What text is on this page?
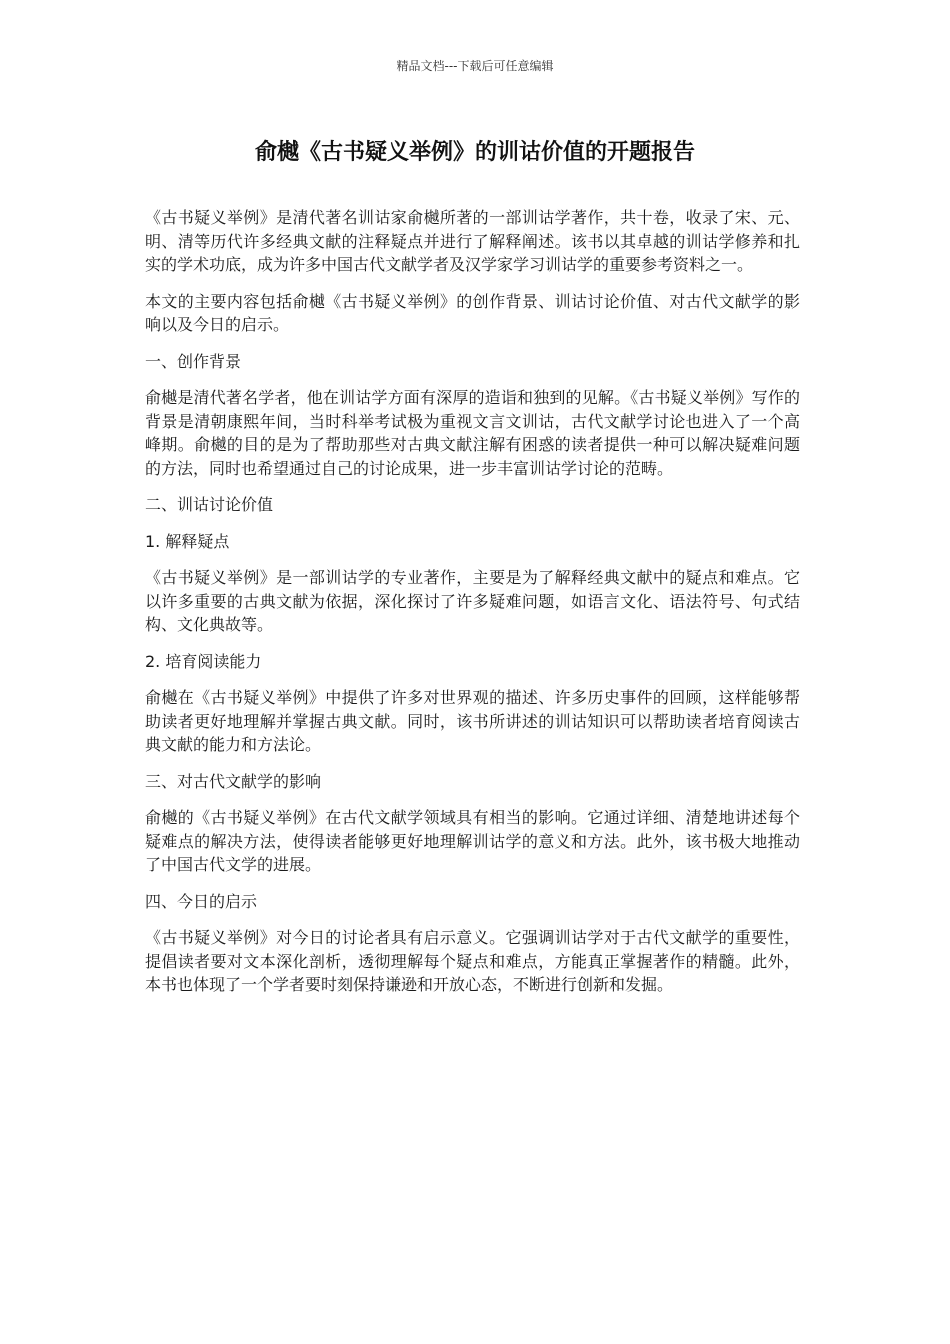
精品文档---下载后可任意编辑
俞樾《古书疑义举例》的训诂价值的开题报告

《古书疑义举例》是清代著名训诂家俞樾所著的一部训诂学著作，共十卷，收录了宋、元、明、清等历代许多经典文献的注释疑点并进行了解释阐述。该书以其卓越的训诂学修养和扎实的学术功底，成为许多中国古代文献学者及汉学家学习训诂学的重要参考资料之一。

本文的主要内容包括俞樾《古书疑义举例》的创作背景、训诂讨论价值、对古代文献学的影响以及今日的启示。

一、创作背景

俞樾是清代著名学者，他在训诂学方面有深厚的造诣和独到的见解。《古书疑义举例》写作的背景是清朝康熙年间，当时科举考试极为重视文言文训诂，古代文献学讨论也进入了一个高峰期。俞樾的目的是为了帮助那些对古典文献注解有困惑的读者提供一种可以解决疑难问题的方法，同时也希望通过自己的讨论成果，进一步丰富训诂学讨论的范畴。

二、训诂讨论价值

1. 解释疑点

《古书疑义举例》是一部训诂学的专业著作，主要是为了解释经典文献中的疑点和难点。它以许多重要的古典文献为依据，深化探讨了许多疑难问题，如语言文化、语法符号、句式结构、文化典故等。

2. 培育阅读能力

俞樾在《古书疑义举例》中提供了许多对世界观的描述、许多历史事件的回顾，这样能够帮助读者更好地理解并掌握古典文献。同时，该书所讲述的训诂知识可以帮助读者培育阅读古典文献的能力和方法论。

三、对古代文献学的影响

俞樾的《古书疑义举例》在古代文献学领域具有相当的影响。它通过详细、清楚地讲述每个疑难点的解决方法，使得读者能够更好地理解训诂学的意义和方法。此外，该书极大地推动了中国古代文学的进展。

四、今日的启示

《古书疑义举例》对今日的讨论者具有启示意义。它强调训诂学对于古代文献学的重要性，提倡读者要对文本深化剖析，透彻理解每个疑点和难点，方能真正掌握著作的精髓。此外，本书也体现了一个学者要时刻保持谦逊和开放心态，不断进行创新和发掘。
